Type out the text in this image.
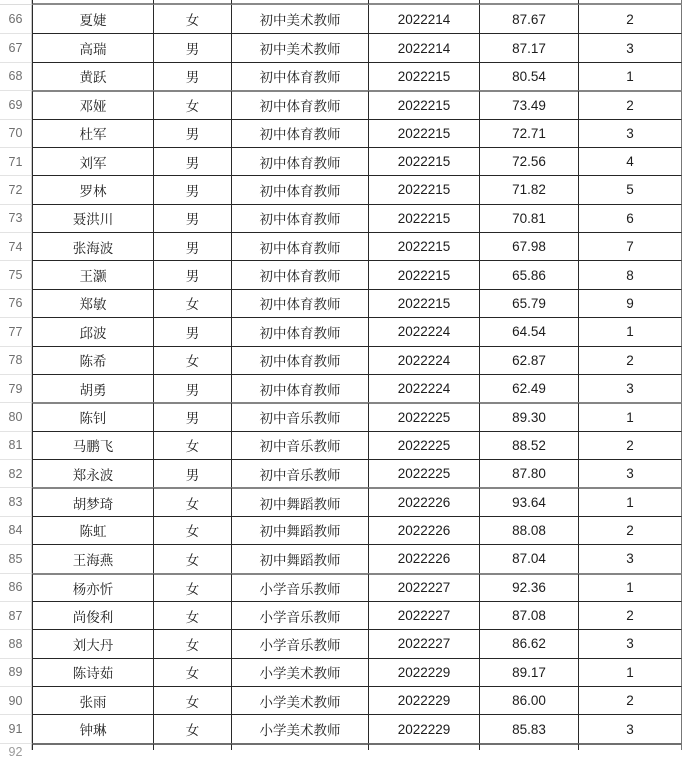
66	夏婕	女	初中美术教师	2022214	87.67	2
67	高瑞	男	初中美术教师	2022214	87.17	3
68	黄跃	男	初中体育教师	2022215	80.54	1
69	邓娅	女	初中体育教师	2022215	73.49	2
70	杜军	男	初中体育教师	2022215	72.71	3
71	刘军	男	初中体育教师	2022215	72.56	4
72	罗林	男	初中体育教师	2022215	71.82	5
73	聂洪川	男	初中体育教师	2022215	70.81	6
74	张海波	男	初中体育教师	2022215	67.98	7
75	王灏	男	初中体育教师	2022215	65.86	8
76	郑敏	女	初中体育教师	2022215	65.79	9
77	邱波	男	初中体育教师	2022224	64.54	1
78	陈希	女	初中体育教师	2022224	62.87	2
79	胡勇	男	初中体育教师	2022224	62.49	3
80	陈钊	男	初中音乐教师	2022225	89.30	1
81	马鹏飞	女	初中音乐教师	2022225	88.52	2
82	郑永波	男	初中音乐教师	2022225	87.80	3
83	胡梦琦	女	初中舞蹈教师	2022226	93.64	1
84	陈虹	女	初中舞蹈教师	2022226	88.08	2
85	王海燕	女	初中舞蹈教师	2022226	87.04	3
86	杨亦忻	女	小学音乐教师	2022227	92.36	1
87	尚俊利	女	小学音乐教师	2022227	87.08	2
88	刘大丹	女	小学音乐教师	2022227	86.62	3
89	陈诗茹	女	小学美术教师	2022229	89.17	1
90	张雨	女	小学美术教师	2022229	86.00	2
91	钟琳	女	小学美术教师	2022229	85.83	3
92
